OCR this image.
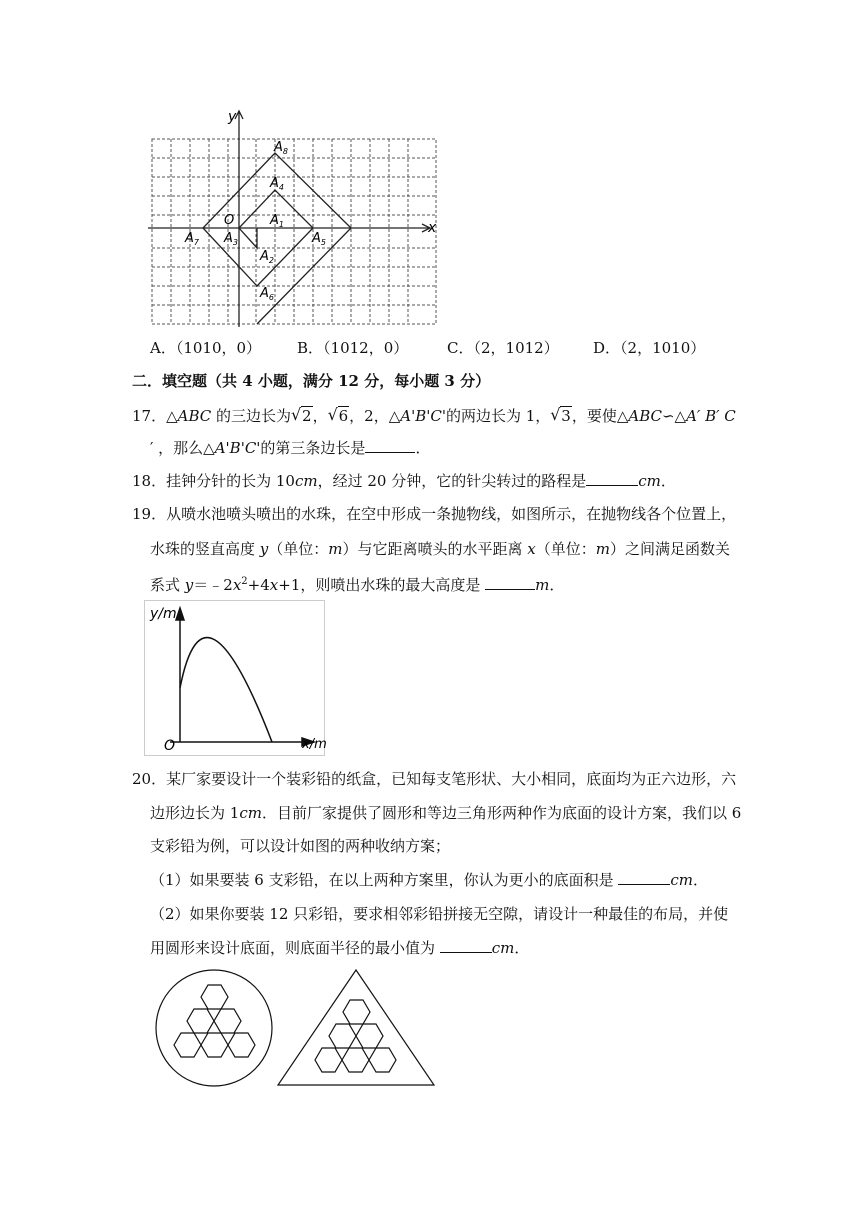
y
x
O	$A_1$
$A_2$
$A_3$
$A_4$
$A_5$
$A_6$
$A_7$
$A_8$
A．（1010，0） B．（1012，0）	C．（2，1012） D．（2，1010）
二．填空题（共 4 小题，满分 12 分，每小题 3 分）
17．△ABC 的三边长为 √ 2， √ 6，2，△A'B'C'的两边长为 1， √ 3，要使△ABC∽△A′ B′ C
′ ，那么△A'B'C'的第三条边长是	．
18．挂钟分针的长为 10cm，经过 20 分钟，它的针尖转过的路程是	cm．
19．从喷水池喷头喷出的水珠，在空中形成一条抛物线，如图所示，在抛物线各个位置上，
水珠的竖直高度 y（单位：m）与它距离喷头的水平距离 x（单位：m）之间满足函数关
系式 $y=﹣2x^2+4x+1$，则喷出水珠的最大高度是	m．
y/m
x/m
O
20．某厂家要设计一个装彩铅的纸盒，已知每支笔形状、大小相同，底面均为正六边形，六
边形边长为 1cm．目前厂家提供了圆形和等边三角形两种作为底面的设计方案，我们以 6
支彩铅为例，可以设计如图的两种收纳方案；
（1）如果要装 6 支彩铅，在以上两种方案里，你认为更小的底面积是	cm．
（2）如果你要装 12 只彩铅，要求相邻彩铅拼接无空隙，请设计一种最佳的布局，并使
用圆形来设计底面，则底面半径的最小值为	cm．
